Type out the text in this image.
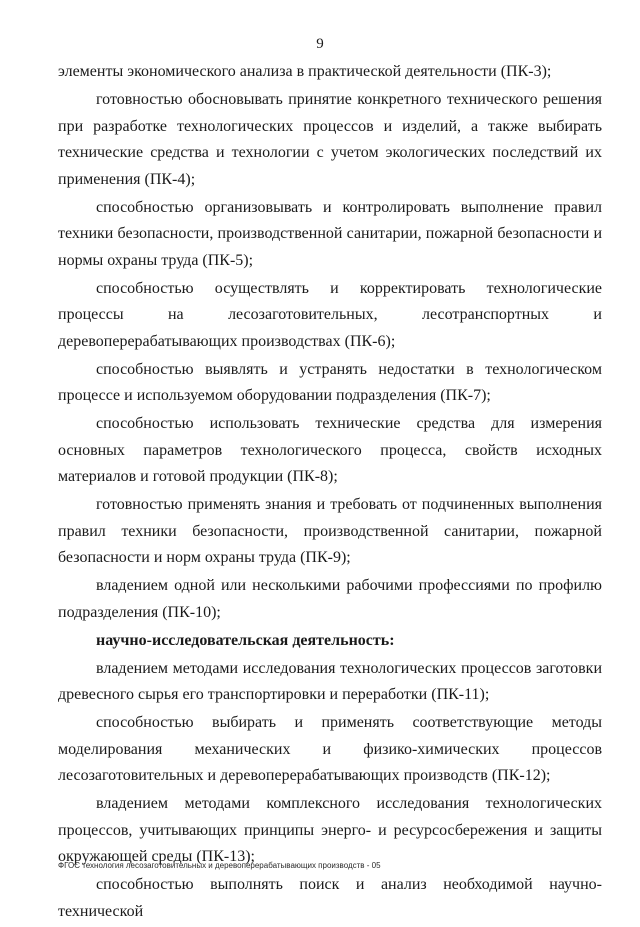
9

элементы экономического анализа в практической деятельности (ПК-3);

готовностью обосновывать принятие конкретного технического решения при разработке технологических процессов и изделий, а также выбирать технические средства и технологии с учетом экологических последствий их применения (ПК-4);

способностью организовывать и контролировать выполнение правил техники безопасности, производственной санитарии, пожарной безопасности и нормы охраны труда (ПК-5);

способностью осуществлять и корректировать технологические процессы на лесозаготовительных, лесотранспортных и деревоперерабатывающих производствах (ПК-6);

способностью выявлять и устранять недостатки в технологическом процессе и используемом оборудовании подразделения (ПК-7);

способностью использовать технические средства для измерения основных параметров технологического процесса, свойств исходных материалов и готовой продукции (ПК-8);

готовностью применять знания и требовать от подчиненных выполнения правил техники безопасности, производственной санитарии, пожарной безопасности и норм охраны труда (ПК-9);

владением одной или несколькими рабочими профессиями по профилю подразделения (ПК-10);

научно-исследовательская деятельность:

владением методами исследования технологических процессов заготовки древесного сырья его транспортировки и переработки (ПК-11);

способностью выбирать и применять соответствующие методы моделирования механических и физико-химических процессов лесозаготовительных и деревоперерабатывающих производств (ПК-12);

владением методами комплексного исследования технологических процессов, учитывающих принципы энерго- и ресурсосбережения и защиты окружающей среды (ПК-13);

способностью выполнять поиск и анализ необходимой научно-технической

ФГОС технология лесозаготовительных и деревоперерабатывающих производств - 05
